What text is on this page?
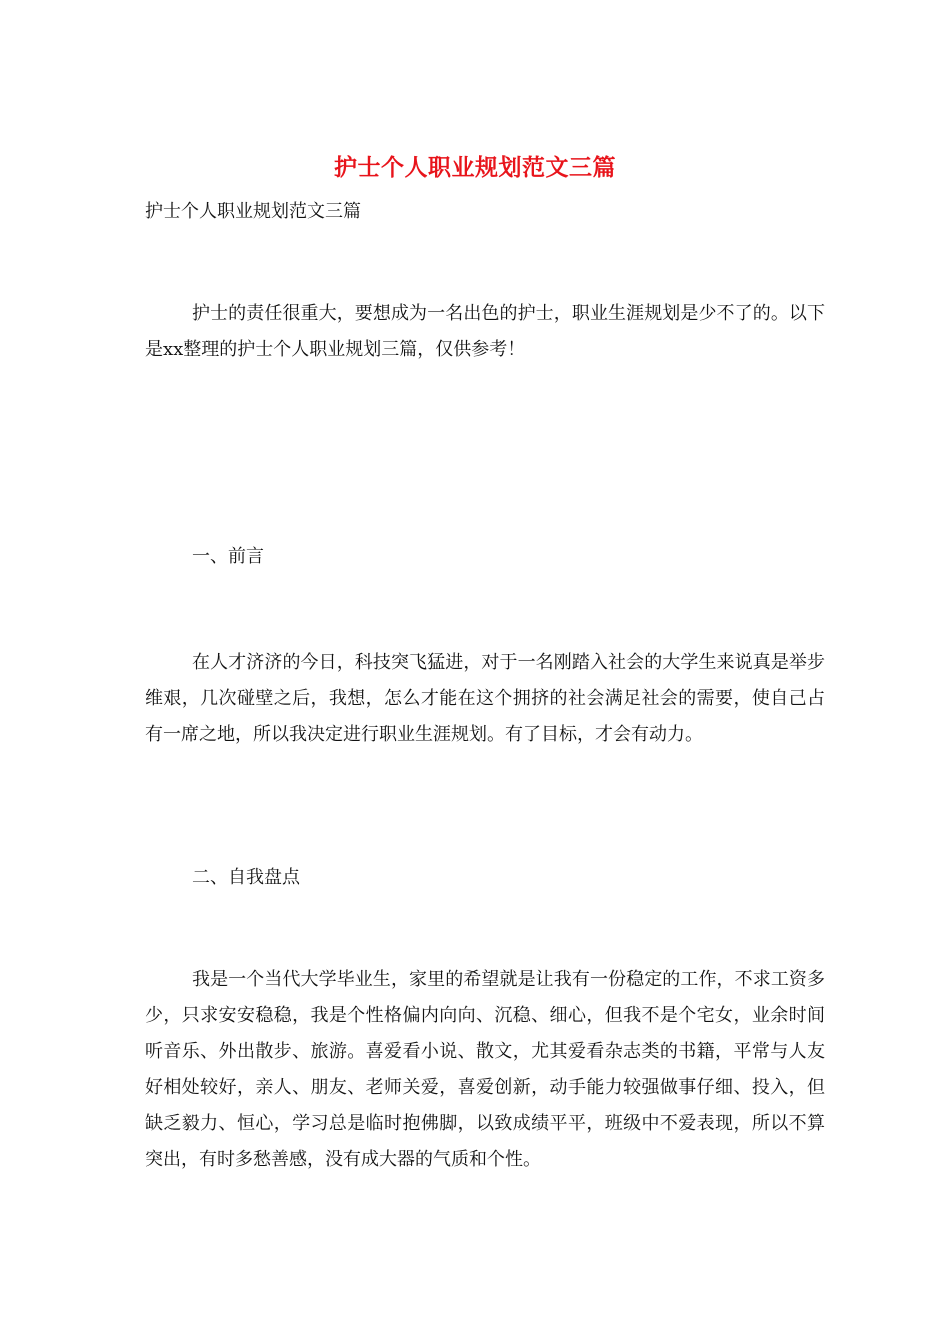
护士个人职业规划范文三篇
护士个人职业规划范文三篇

护士的责任很重大，要想成为一名出色的护士，职业生涯规划是少不了的。以下是xx整理的护士个人职业规划三篇，仅供参考！

一、前言

在人才济济的今日，科技突飞猛进，对于一名刚踏入社会的大学生来说真是举步维艰，几次碰壁之后，我想，怎么才能在这个拥挤的社会满足社会的需要，使自己占有一席之地，所以我决定进行职业生涯规划。有了目标，才会有动力。

二、自我盘点

我是一个当代大学毕业生，家里的希望就是让我有一份稳定的工作，不求工资多少，只求安安稳稳，我是个性格偏内向向、沉稳、细心，但我不是个宅女，业余时间听音乐、外出散步、旅游。喜爱看小说、散文，尤其爱看杂志类的书籍，平常与人友好相处较好，亲人、朋友、老师关爱，喜爱创新，动手能力较强做事仔细、投入，但缺乏毅力、恒心，学习总是临时抱佛脚，以致成绩平平，班级中不爱表现，所以不算突出，有时多愁善感，没有成大器的气质和个性。
